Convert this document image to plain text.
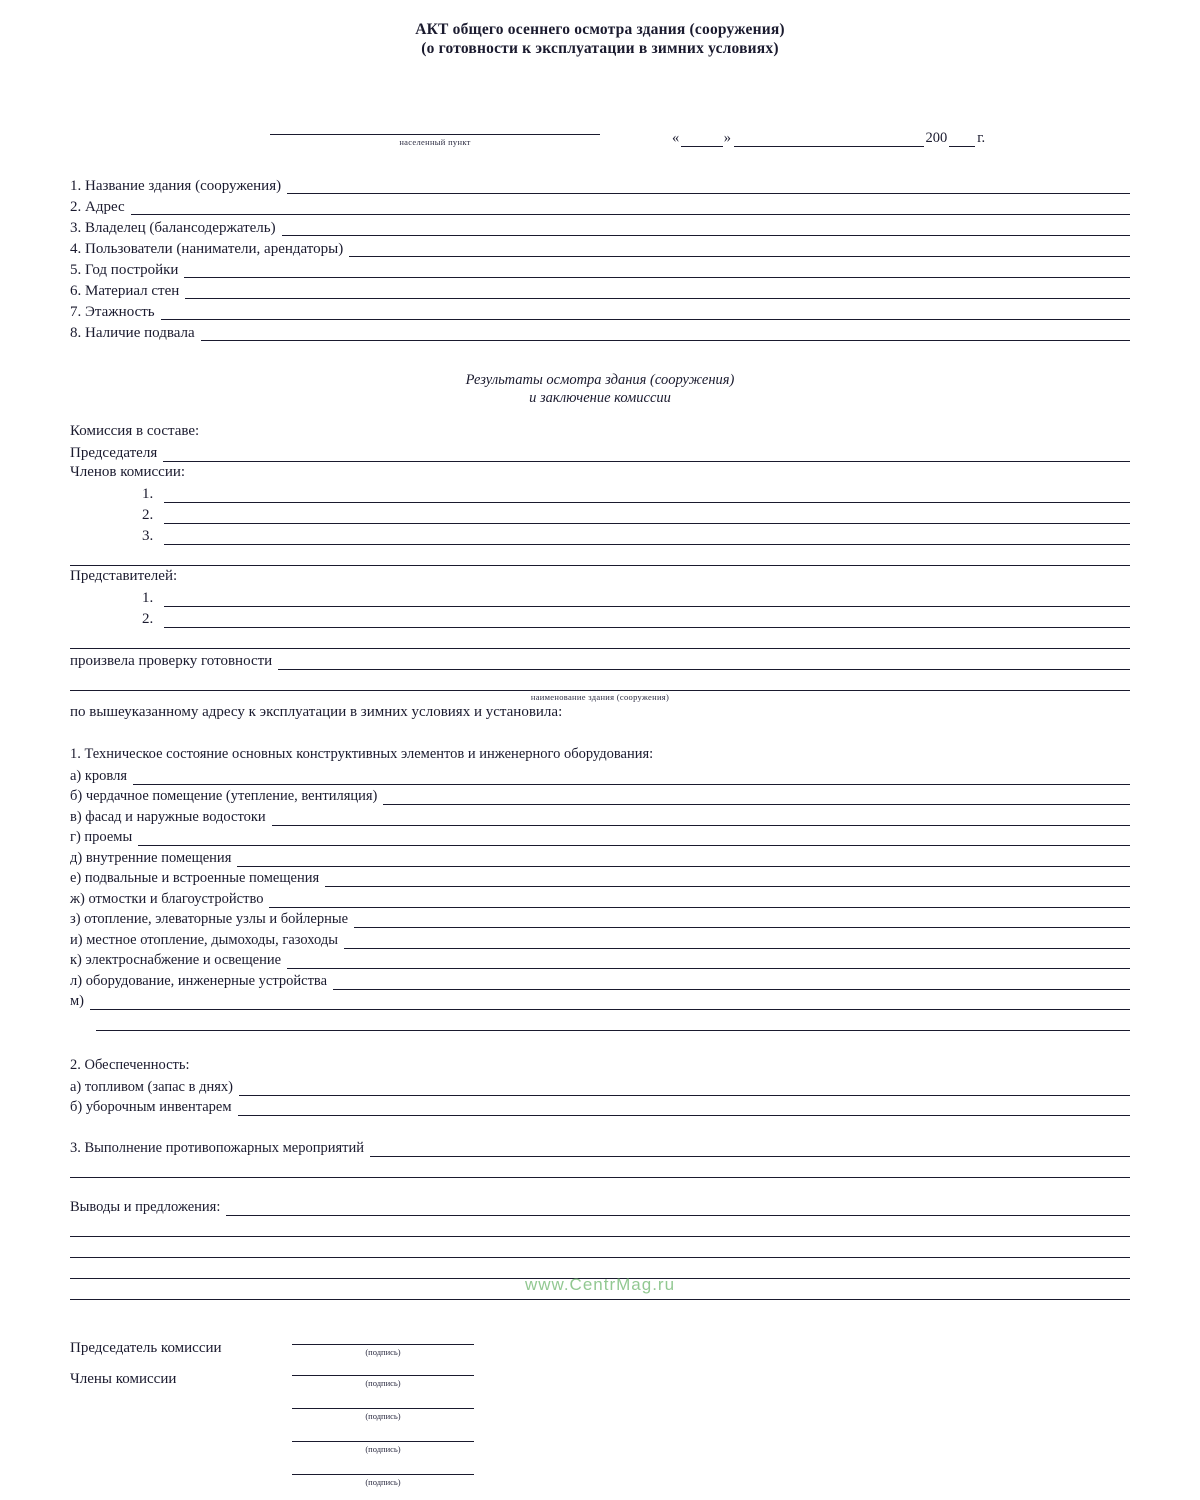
АКТ общего осеннего осмотра здания (сооружения)
(о готовности к эксплуатации в зимних условиях)
населенный пункт	«	»	200 г.
1. Название здания (сооружения)
2. Адрес
3. Владелец (балансодержатель)
4. Пользователи (наниматели, арендаторы)
5. Год постройки
6. Материал стен
7. Этажность
8. Наличие подвала
Результаты осмотра здания (сооружения)
и заключение комиссии
Комиссия в составе:
Председателя
Членов комиссии:
1.
2.
3.
Представителей:
1.
2.
произвела проверку готовности
наименование здания (сооружения)
по вышеуказанному адресу к эксплуатации в зимних условиях и установила:
1. Техническое состояние основных конструктивных элементов и инженерного оборудования:
а) кровля
б) чердачное помещение (утепление, вентиляция)
в) фасад и наружные водостоки
г) проемы
д) внутренние помещения
е) подвальные и встроенные помещения
ж) отмостки и благоустройство
з) отопление, элеваторные узлы и бойлерные
и) местное отопление, дымоходы, газоходы
к) электроснабжение и освещение
л) оборудование, инженерные устройства
м)
2. Обеспеченность:
а) топливом (запас в днях)
б) уборочным инвентарем
3. Выполнение противопожарных мероприятий
Выводы и предложения:
Председатель комиссии	(подпись)
Члены комиссии	(подпись)
(подпись)
(подпись)
(подпись)
www.CentrMag.ru
